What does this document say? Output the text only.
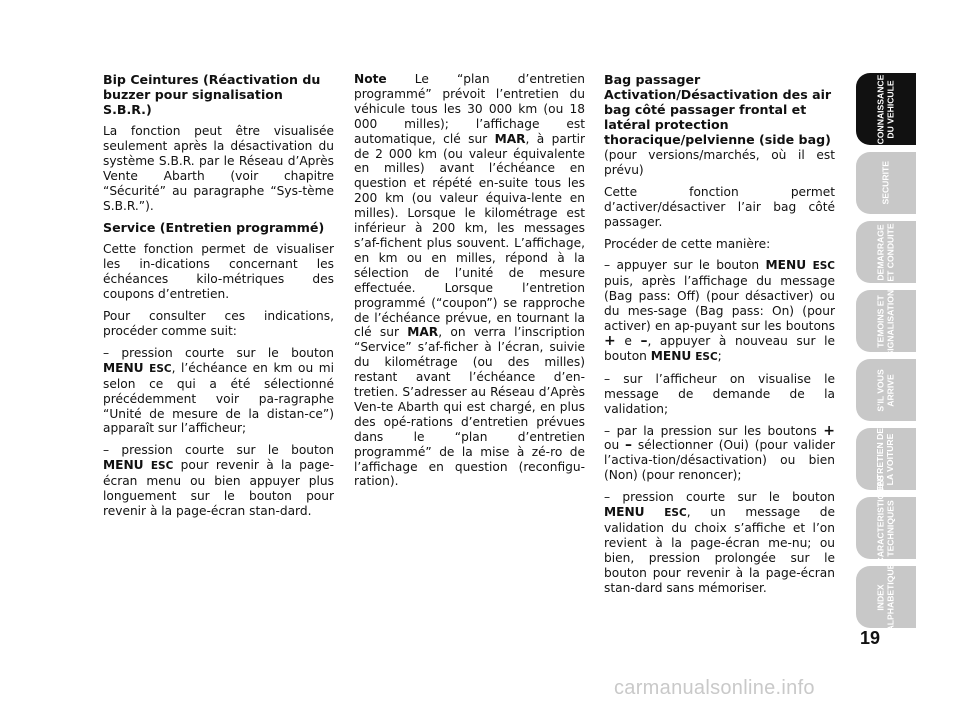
Bip Ceintures (Réactivation du buzzer pour signalisation S.B.R.)

La fonction peut être visualisée seulement après la désactivation du système S.B.R. par le Réseau d’Après Vente Abarth (voir chapitre “Sécurité” au paragraphe “Sys-tème S.B.R.”).

Service (Entretien programmé)

Cette fonction permet de visualiser les in-dications concernant les échéances kilo-métriques des coupons d’entretien.

Pour consulter ces indications, procéder comme suit:

– pression courte sur le bouton MENU ESC, l’échéance en km ou mi selon ce qui a été sélectionné précédemment voir pa-ragraphe “Unité de mesure de la distan-ce”) apparaît sur l’afficheur;

– pression courte sur le bouton MENU ESC pour revenir à la page-écran menu ou bien appuyer plus longuement sur le bouton pour revenir à la page-écran stan-dard.

Note Le “plan d’entretien programmé” prévoit l’entretien du véhicule tous les 30 000 km (ou 18 000 milles); l’affichage est automatique, clé sur MAR, à partir de 2 000 km (ou valeur équivalente en milles) avant l’échéance en question et répété en-suite tous les 200 km (ou valeur équiva-lente en milles). Lorsque le kilométrage est inférieur à 200 km, les messages s’af-fichent plus souvent. L’affichage, en km ou en milles, répond à la sélection de l’unité de mesure effectuée. Lorsque l’entretion programmé (“coupon”) se rapproche de l’échéance prévue, en tournant la clé sur MAR, on verra l’inscription “Service” s’af-ficher à l’écran, suivie du kilométrage (ou des milles) restant avant l’échéance d’en-tretien. S’adresser au Réseau d’Après Ven-te Abarth qui est chargé, en plus des opé-rations d’entretien prévues dans le “plan d’entretien programmé” de la mise à zé-ro de l’affichage en question (reconfigu-ration).

Bag passager Activation/Désactivation des air bag côté passager frontal et latéral protection thoracique/pelvienne (side bag)

(pour versions/marchés, où il est prévu)

Cette fonction permet d’activer/désactiver l’air bag côté passager.

Procéder de cette manière:

– appuyer sur le bouton MENU ESC puis, après l’affichage du message (Bag pass: Off) (pour désactiver) ou du mes-sage (Bag pass: On) (pour activer) en ap-puyant sur les boutons + e –, appuyer à nouveau sur le bouton MENU ESC;

– sur l’afficheur on visualise le message de demande de la validation;

– par la pression sur les boutons + ou – sélectionner (Oui) (pour valider l’activa-tion/désactivation) ou bien (Non) (pour renoncer);

– pression courte sur le bouton MENU ESC, un message de validation du choix s’affiche et l’on revient à la page-écran me-nu; ou bien, pression prolongée sur le bouton pour revenir à la page-écran stan-dard sans mémoriser.

CONNAISSANCE
DU VEHICULE
SECURITE

DEMARRAGE
ET CONDUITE
TEMOINS ET
SIGNALISATIONS
S’IL VOUS
ARRIVE
ENTRETIEN DE
LA VOITURE
CARACTERISTIQUES
TECHNIQUES
INDEX
ALPHABETIQUE
19
carmanualsonline.info
